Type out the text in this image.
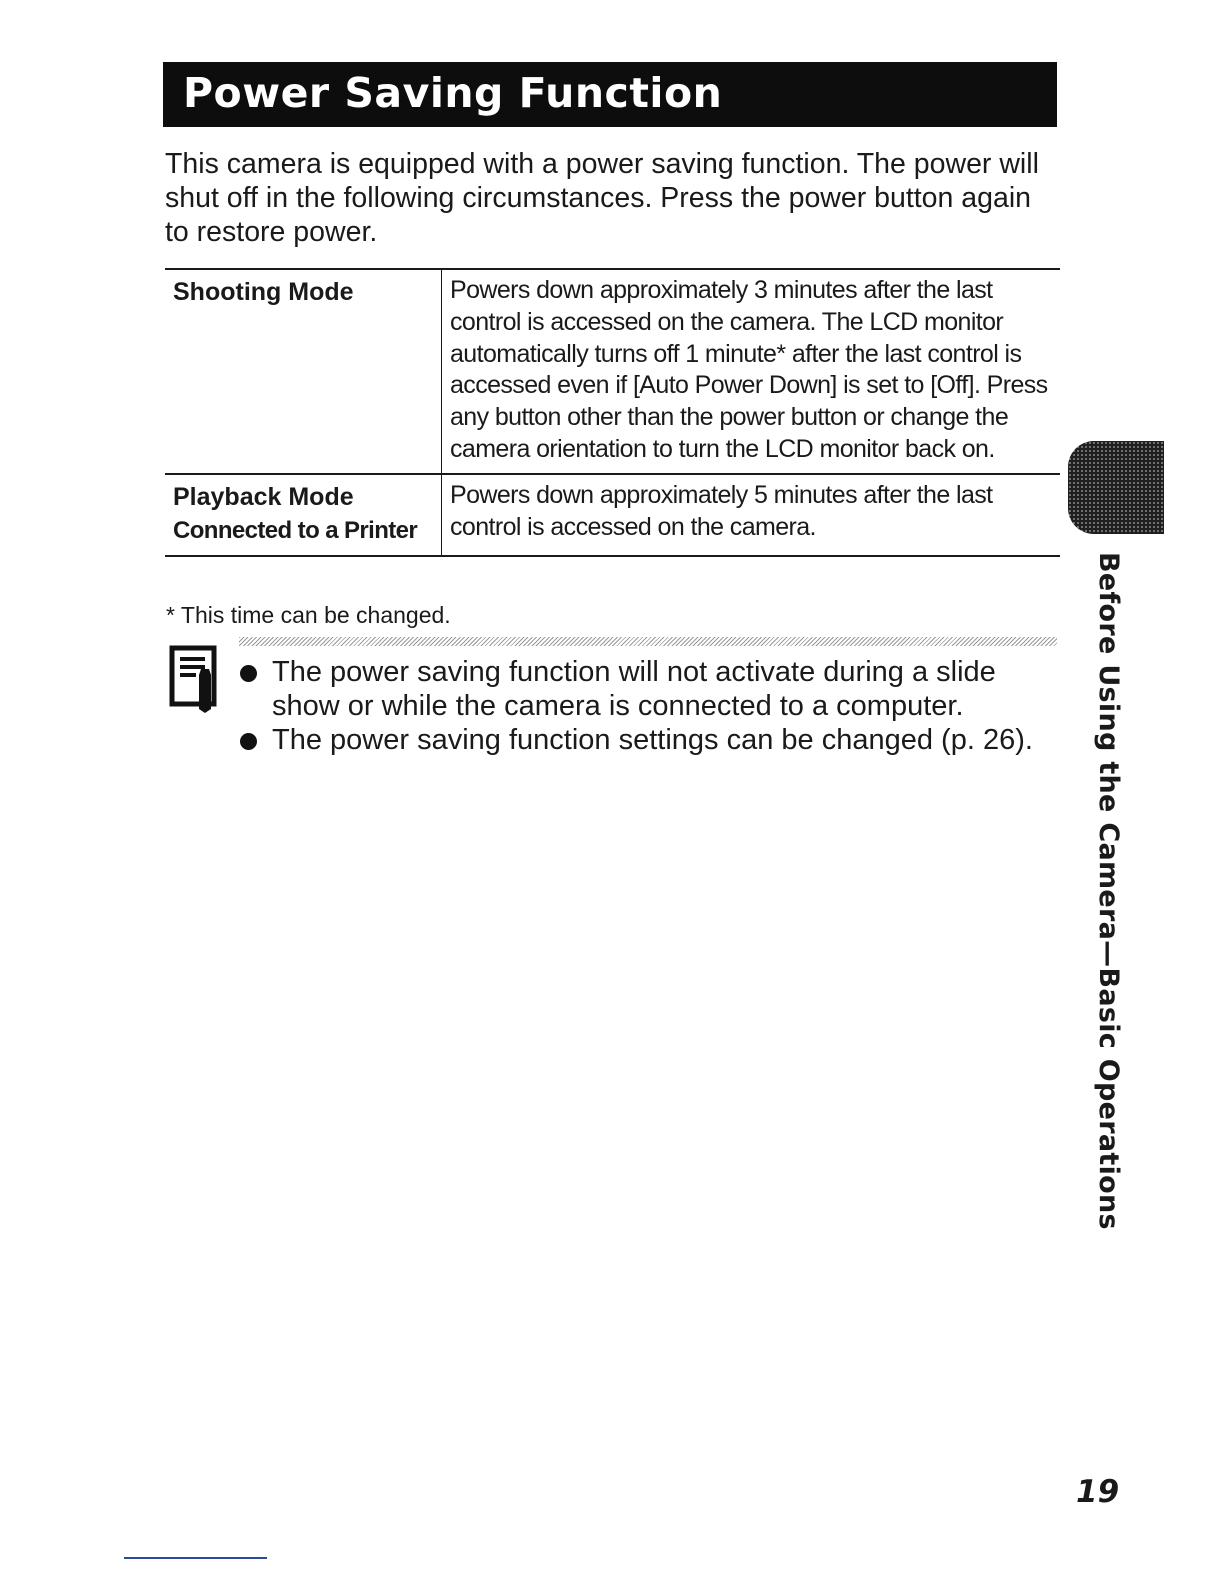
Power Saving Function

This camera is equipped with a power saving function. The power will shut off in the following circumstances. Press the power button again to restore power.

Shooting Mode	Powers down approximately 3 minutes after the last control is accessed on the camera. The LCD monitor automatically turns off 1 minute* after the last control is accessed even if [Auto Power Down] is set to [Off]. Press any button other than the power button or change the camera orientation to turn the LCD monitor back on.
Playback Mode
Connected to a Printer	Powers down approximately 5 minutes after the last control is accessed on the camera.

* This time can be changed.

The power saving function will not activate during a slide show or while the camera is connected to a computer.
The power saving function settings can be changed (p. 26).	Before Using the Camera—Basic Operations
19
